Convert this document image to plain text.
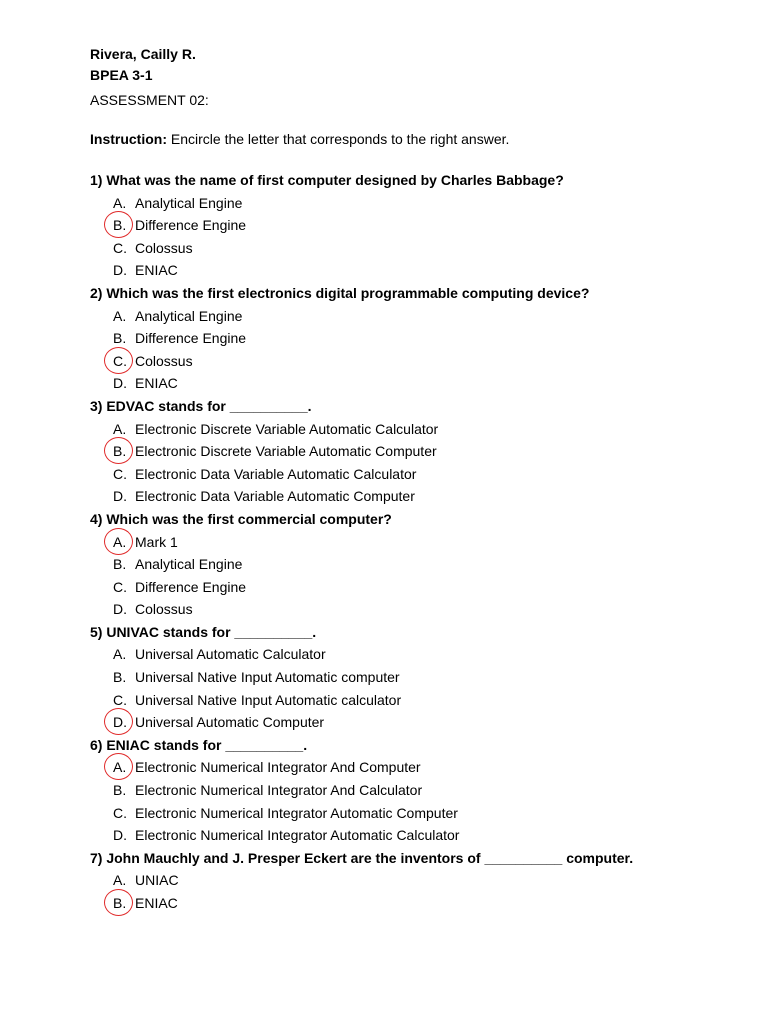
Rivera, Cailly R.
BPEA 3-1
ASSESSMENT 02:
Instruction: Encircle the letter that corresponds to the right answer.
1) What was the name of first computer designed by Charles Babbage?
A. Analytical Engine
B. Difference Engine
C. Colossus
D. ENIAC
2) Which was the first electronics digital programmable computing device?
A. Analytical Engine
B. Difference Engine
C. Colossus
D. ENIAC
3) EDVAC stands for __________.
A. Electronic Discrete Variable Automatic Calculator
B. Electronic Discrete Variable Automatic Computer
C. Electronic Data Variable Automatic Calculator
D. Electronic Data Variable Automatic Computer
4) Which was the first commercial computer?
A. Mark 1
B. Analytical Engine
C. Difference Engine
D. Colossus
5) UNIVAC stands for __________.
A. Universal Automatic Calculator
B. Universal Native Input Automatic computer
C. Universal Native Input Automatic calculator
D. Universal Automatic Computer
6) ENIAC stands for __________.
A. Electronic Numerical Integrator And Computer
B. Electronic Numerical Integrator And Calculator
C. Electronic Numerical Integrator Automatic Computer
D. Electronic Numerical Integrator Automatic Calculator
7) John Mauchly and J. Presper Eckert are the inventors of __________ computer.
A. UNIAC
B. ENIAC
